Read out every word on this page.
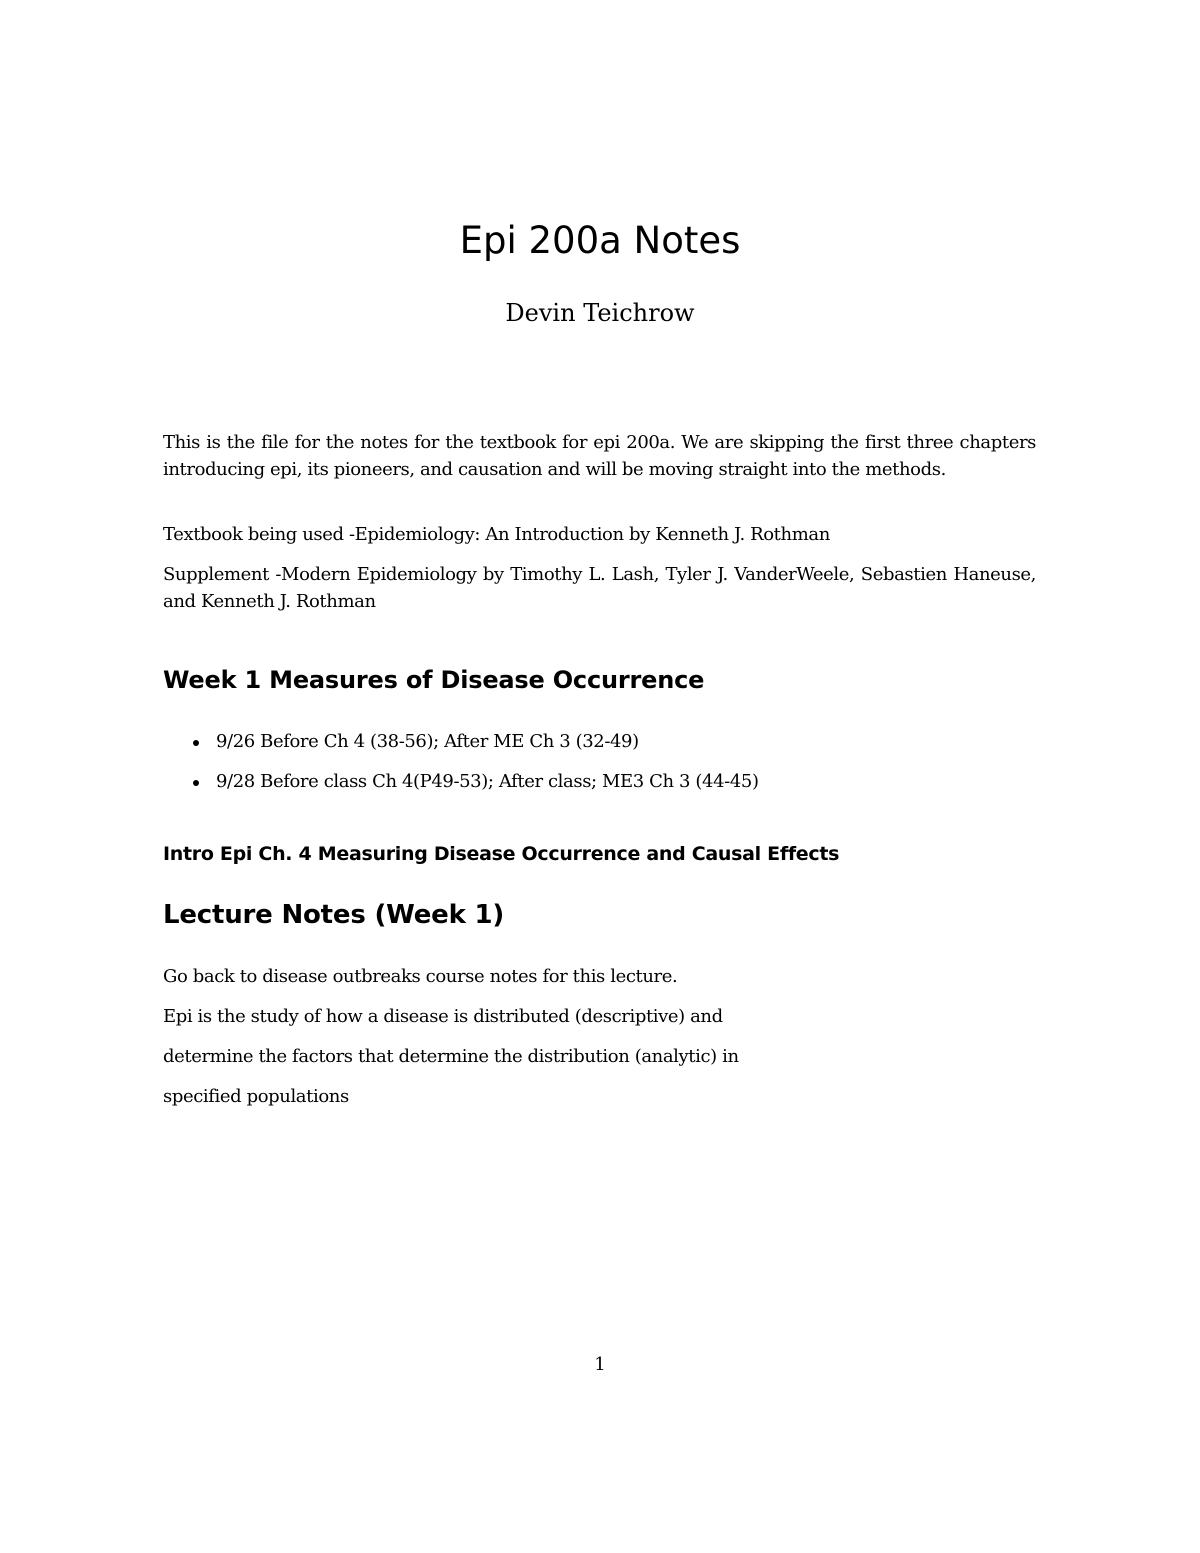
Epi 200a Notes
Devin Teichrow

This is the file for the notes for the textbook for epi 200a. We are skipping the first three chapters introducing epi, its pioneers, and causation and will be moving straight into the methods.

Textbook being used -Epidemiology: An Introduction by Kenneth J. Rothman

Supplement -Modern Epidemiology by Timothy L. Lash, Tyler J. VanderWeele, Sebastien Haneuse, and Kenneth J. Rothman

Week 1 Measures of Disease Occurrence
9/26 Before Ch 4 (38-56); After ME Ch 3 (32-49)
9/28 Before class Ch 4(P49-53); After class; ME3 Ch 3 (44-45)
Intro Epi Ch. 4 Measuring Disease Occurrence and Causal Effects
Lecture Notes (Week 1)
Go back to disease outbreaks course notes for this lecture.
Epi is the study of how a disease is distributed (descriptive) and
determine the factors that determine the distribution (analytic) in
specified populations
1
